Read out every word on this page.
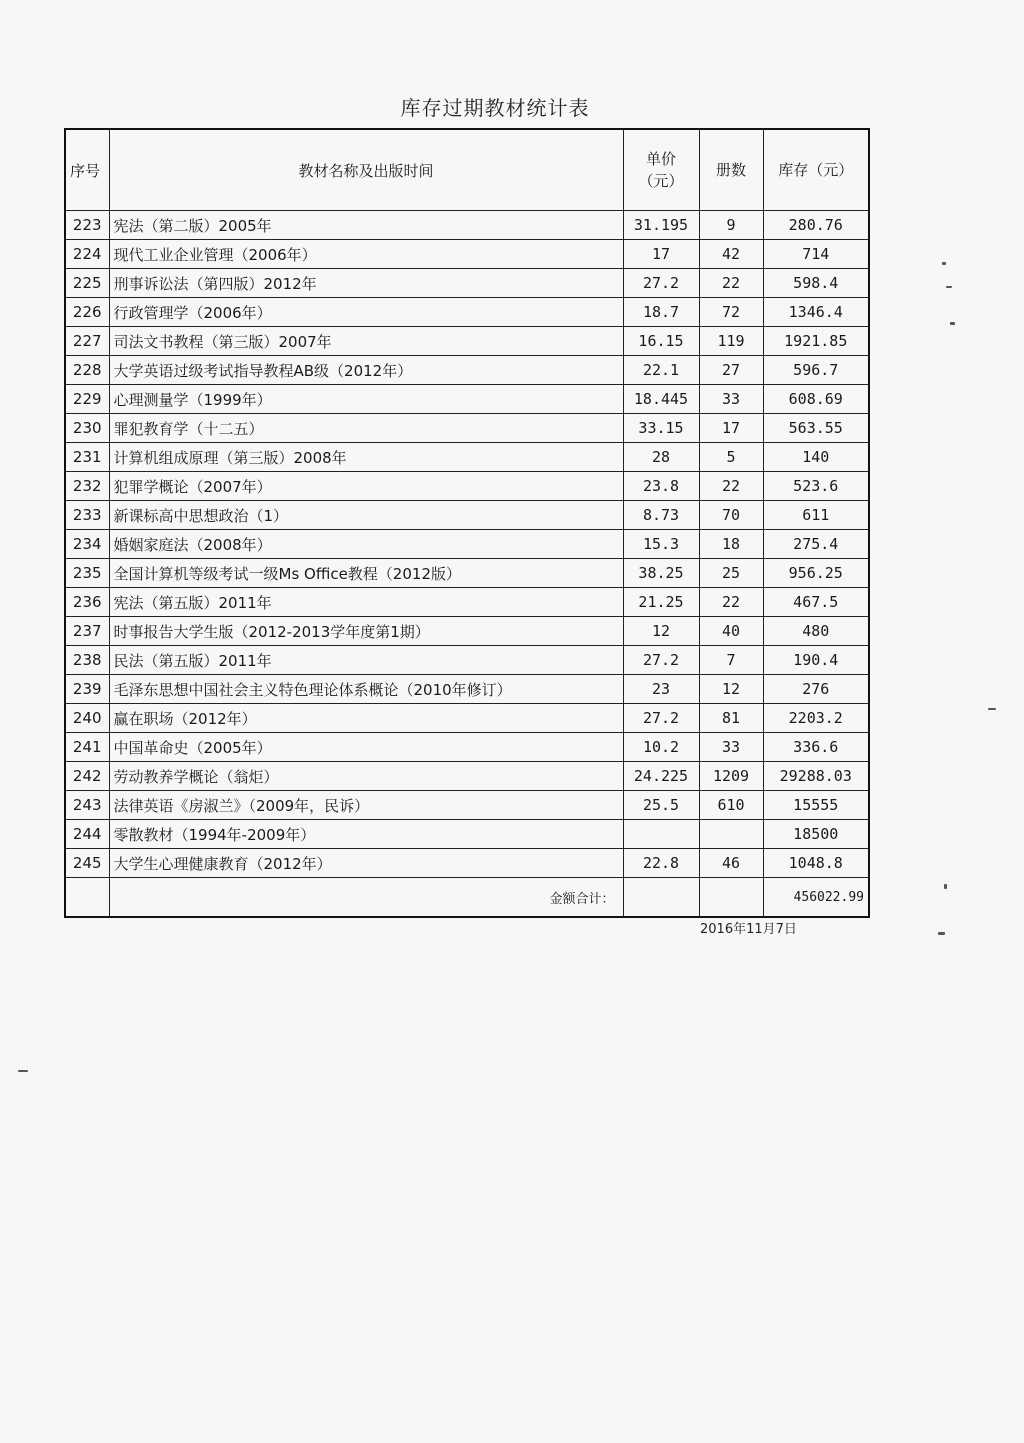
库存过期教材统计表
序号	教材名称及出版时间	单价（元）	册数	库存（元）
223	宪法（第二版）2005年	31.195	9	280.76
224	现代工业企业管理（2006年）	17	42	714
225	刑事诉讼法（第四版）2012年	27.2	22	598.4
226	行政管理学（2006年）	18.7	72	1346.4
227	司法文书教程（第三版）2007年	16.15	119	1921.85
228	大学英语过级考试指导教程AB级（2012年）	22.1	27	596.7
229	心理测量学（1999年）	18.445	33	608.69
230	罪犯教育学（十二五）	33.15	17	563.55
231	计算机组成原理（第三版）2008年	28	5	140
232	犯罪学概论（2007年）	23.8	22	523.6
233	新课标高中思想政治（1）	8.73	70	611
234	婚姻家庭法（2008年）	15.3	18	275.4
235	全国计算机等级考试一级Ms Office教程（2012版）	38.25	25	956.25
236	宪法（第五版）2011年	21.25	22	467.5
237	时事报告大学生版（2012-2013学年度第1期）	12	40	480
238	民法（第五版）2011年	27.2	7	190.4
239	毛泽东思想中国社会主义特色理论体系概论（2010年修订）	23	12	276
240	赢在职场（2012年）	27.2	81	2203.2
241	中国革命史（2005年）	10.2	33	336.6
242	劳动教养学概论（翁炬）	24.225	1209	29288.03
243	法律英语《房淑兰》（2009年，民诉）	25.5	610	15555
244	零散教材（1994年-2009年）			18500
245	大学生心理健康教育（2012年）	22.8	46	1048.8
	金额合计：			456022.99
2016年11月7日
